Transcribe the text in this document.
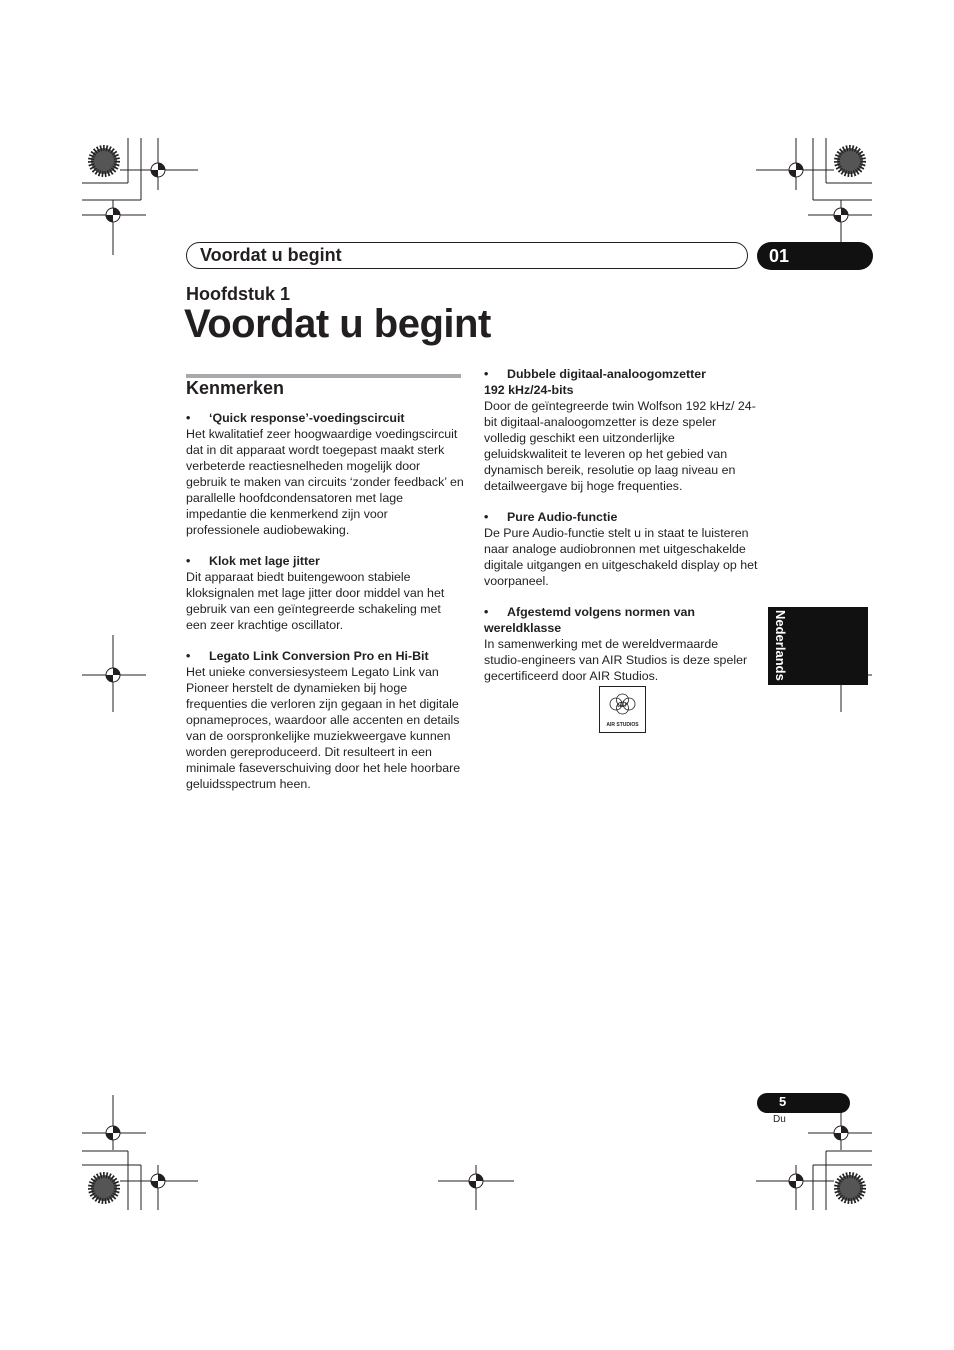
Voordat u begint	01
Hoofdstuk 1
Voordat u begint
Kenmerken
• ‘Quick response’-voedingscircuit
Het kwalitatief zeer hoogwaardige voedingscircuit dat in dit apparaat wordt toegepast maakt sterk verbeterde reactiesnelheden mogelijk door gebruik te maken van circuits ‘zonder feedback’ en parallelle hoofdcondensatoren met lage impedantie die kenmerkend zijn voor professionele audiobewaking.
• Klok met lage jitter
Dit apparaat biedt buitengewoon stabiele kloksignalen met lage jitter door middel van het gebruik van een geïntegreerde schakeling met een zeer krachtige oscillator.
• Legato Link Conversion Pro en Hi-Bit
Het unieke conversiesysteem Legato Link van Pioneer herstelt de dynamieken bij hoge frequenties die verloren zijn gegaan in het digitale opnameproces, waardoor alle accenten en details van de oorspronkelijke muziekweergave kunnen worden gereproduceerd. Dit resulteert in een minimale faseverschuiving door het hele hoorbare geluidsspectrum heen.
• Dubbele digitaal-analoogomzetter
192 kHz/24-bits
Door de geïntegreerde twin Wolfson 192 kHz/ 24-bit digitaal-analoogomzetter is deze speler volledig geschikt een uitzonderlijke geluidskwaliteit te leveren op het gebied van dynamisch bereik, resolutie op laag niveau en detailweergave bij hoge frequenties.
• Pure Audio-functie
De Pure Audio-functie stelt u in staat te luisteren naar analoge audiobronnen met uitgeschakelde digitale uitgangen en uitgeschakeld display op het voorpaneel.
• Afgestemd volgens normen van
wereldklasse
In samenwerking met de wereldvermaarde studio-engineers van AIR Studios is deze speler gecertificeerd door AIR Studios.
air
AIR STUDIOS
Nederlands
5
Du
